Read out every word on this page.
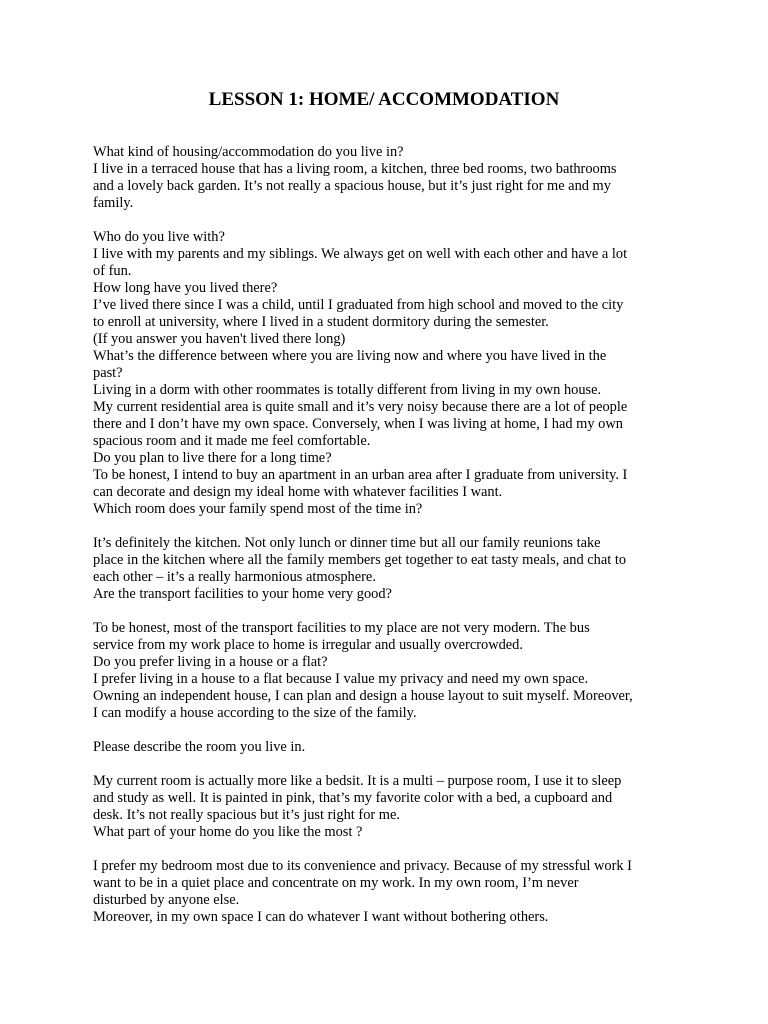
LESSON 1: HOME/ ACCOMMODATION
What kind of housing/accommodation do you live in?
I live in a terraced house that has a living room, a kitchen, three bed rooms, two bathrooms
and a lovely back garden. It’s not really a spacious house, but it’s just right for me and my
family.
Who do you live with?
I live with my parents and my siblings. We always get on well with each other and have a lot
of fun.
How long have you lived there?
I’ve lived there since I was a child, until I graduated from high school and moved to the city
to enroll at university, where I lived in a student dormitory during the semester.
(If you answer you haven't lived there long)
What’s the difference between where you are living now and where you have lived in the
past?
Living in a dorm with other roommates is totally different from living in my own house.
My current residential area is quite small and it’s very noisy because there are a lot of people
there and I don’t have my own space. Conversely, when I was living at home, I had my own
spacious room and it made me feel comfortable.
Do you plan to live there for a long time?
To be honest, I intend to buy an apartment in an urban area after I graduate from university. I
can decorate and design my ideal home with whatever facilities I want.
Which room does your family spend most of the time in?
It’s definitely the kitchen. Not only lunch or dinner time but all our family reunions take
place in the kitchen where all the family members get together to eat tasty meals, and chat to
each other – it’s a really harmonious atmosphere.
Are the transport facilities to your home very good?
To be honest, most of the transport facilities to my place are not very modern. The bus
service from my work place to home is irregular and usually overcrowded.
Do you prefer living in a house or a flat?
I prefer living in a house to a flat because I value my privacy and need my own space.
Owning an independent house, I can plan and design a house layout to suit myself. Moreover,
I can modify a house according to the size of the family.
Please describe the room you live in.
My current room is actually more like a bedsit. It is a multi – purpose room, I use it to sleep
and study as well. It is painted in pink, that’s my favorite color with a bed, a cupboard and
desk. It’s not really spacious but it’s just right for me.
What part of your home do you like the most ?
I prefer my bedroom most due to its convenience and privacy. Because of my stressful work I
want to be in a quiet place and concentrate on my work. In my own room, I’m never
disturbed by anyone else.
Moreover, in my own space I can do whatever I want without bothering others.
